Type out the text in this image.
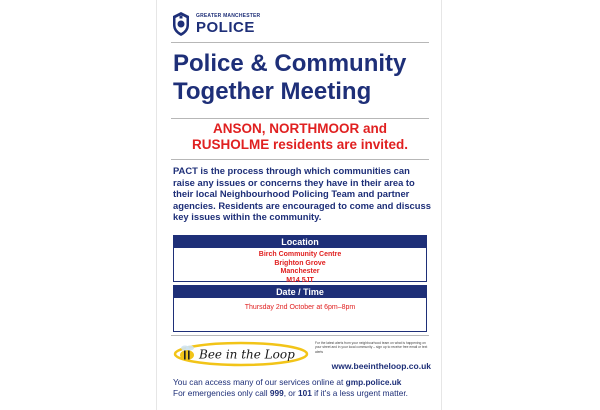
GREATER MANCHESTER
POLICE
Police & Community
Together Meeting
ANSON, NORTHMOOR and
RUSHOLME residents are invited.
PACT is the process through which communities can raise any issues or concerns they have in their area to their local Neighbourhood Policing Team and partner agencies. Residents are encouraged to come and discuss key issues within the community.
Location
Birch Community Centre
Brighton Grove
Manchester
M14 5JT
Date / Time
Thursday 2nd October at 6pm–8pm
Bee in the Loop
For the latest alerts from your neighbourhood team on what is happening on your street and in your local community – sign up to receive free email or text alerts
www.beeintheloop.co.uk
You can access many of our services online at gmp.police.uk
For emergencies only call 999, or 101 if it's a less urgent matter.
